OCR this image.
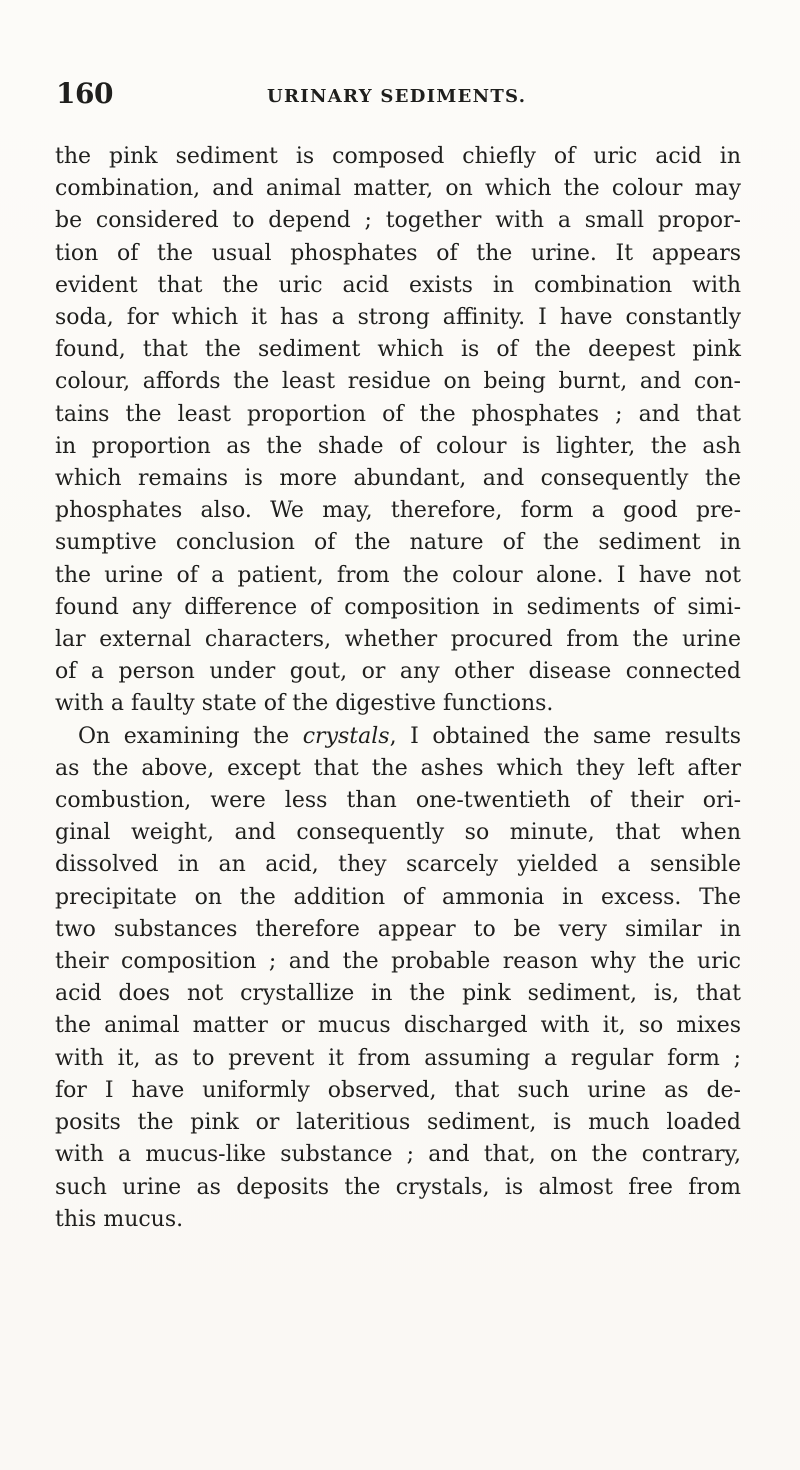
160	URINARY SEDIMENTS.
the pink sediment is composed chiefly of uric acid in
combination, and animal matter, on which the colour may
be considered to depend ; together with a small propor-
tion of the usual phosphates of the urine. It appears
evident that the uric acid exists in combination with
soda, for which it has a strong affinity. I have constantly
found, that the sediment which is of the deepest pink
colour, affords the least residue on being burnt, and con-
tains the least proportion of the phosphates ; and that
in proportion as the shade of colour is lighter, the ash
which remains is more abundant, and consequently the
phosphates also. We may, therefore, form a good pre-
sumptive conclusion of the nature of the sediment in
the urine of a patient, from the colour alone. I have not
found any difference of composition in sediments of simi-
lar external characters, whether procured from the urine
of a person under gout, or any other disease connected
with a faulty state of the digestive functions.
On examining the crystals, I obtained the same results
as the above, except that the ashes which they left after
combustion, were less than one-twentieth of their ori-
ginal weight, and consequently so minute, that when
dissolved in an acid, they scarcely yielded a sensible
precipitate on the addition of ammonia in excess. The
two substances therefore appear to be very similar in
their composition ; and the probable reason why the uric
acid does not crystallize in the pink sediment, is, that
the animal matter or mucus discharged with it, so mixes
with it, as to prevent it from assuming a regular form ;
for I have uniformly observed, that such urine as de-
posits the pink or lateritious sediment, is much loaded
with a mucus-like substance ; and that, on the contrary,
such urine as deposits the crystals, is almost free from
this mucus.
